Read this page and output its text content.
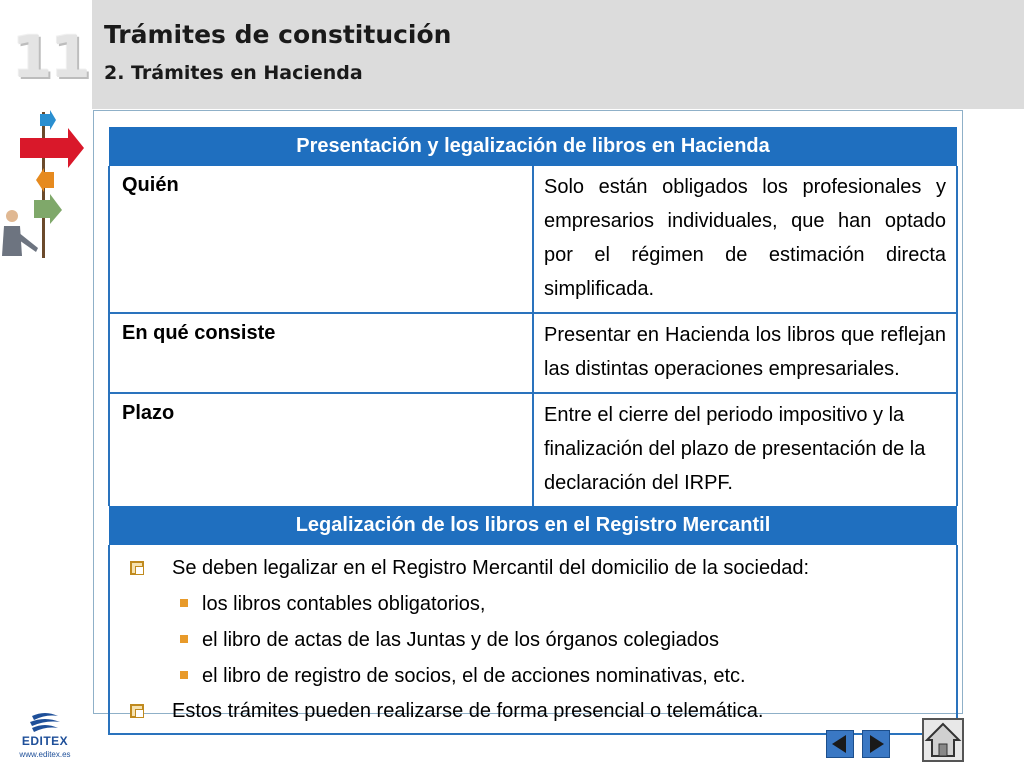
11 Trámites de constitución
2. Trámites en Hacienda
Presentación y legalización de libros en Hacienda	
Quién	Solo están obligados los profesionales y empresarios individuales, que han optado por el régimen de estimación directa simplificada.
En qué consiste	Presentar en Hacienda los libros que reflejan las distintas operaciones empresariales.
Plazo	Entre el cierre del periodo impositivo y la finalización del plazo de presentación de la declaración del IRPF.
Legalización de los libros en el Registro Mercantil	

Se deben legalizar en el Registro Mercantil del domicilio de la sociedad:
los libros contables obligatorios,
el libro de actas de las Juntas y de los órganos colegiados
el libro de registro de socios, el de acciones nominativas, etc.
Estos trámites pueden realizarse de forma presencial o telemática.	
EDITEX
www.editex.es
